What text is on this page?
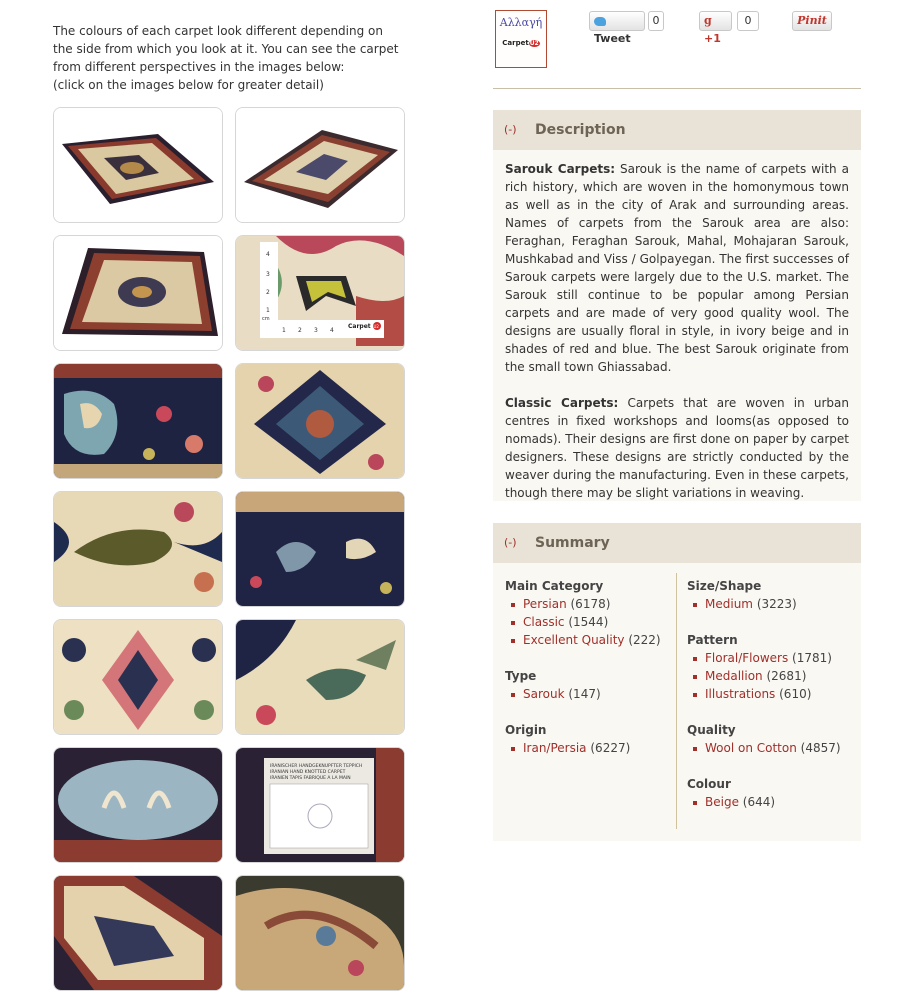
The colours of each carpet look different depending on the side from which you look at it. You can see the carpet from different perspectives in the images below:

(click on the images below for greater detail)

4
3
2
1
cm
1 2 3 4
Carpet U2
IRANISCHER HANDGEKNUPFTER TEPPICH
IRANIAN HAND KNOTTED CARPET
IRANIEN TAPIS FABRIQUE A LA MAIN
Αλλαγή
CarpetU2	Tweet
0	g +1
0	Pinit
(-) Description

Sarouk Carpets: Sarouk is the name of carpets with a rich history, which are woven in the homonymous town as well as in the city of Arak and surrounding areas. Names of carpets from the Sarouk area are also: Feraghan, Feraghan Sarouk, Mahal, Mohajaran Sarouk, Mushkabad and Viss / Golpayegan. The first successes of Sarouk carpets were largely due to the U.S. market. The Sarouk still continue to be popular among Persian carpets and are made of very good quality wool. The designs are usually floral in style, in ivory beige and in shades of red and blue. The best Sarouk originate from the small town Ghiassabad.

Classic Carpets: Carpets that are woven in urban centres in fixed workshops and looms(as opposed to nomads). Their designs are first done on paper by carpet designers. These designs are strictly conducted by the weaver during the manufacturing. Even in these carpets, though there may be slight variations in weaving.

(-) Summary
Main Category
Persian (6178)
Classic (1544)
Excellent Quality (222)
Type
Sarouk (147)
Origin
Iran/Persia (6227)
Size/Shape
Medium (3223)
Pattern
Floral/Flowers (1781)
Medallion (2681)
Illustrations (610)
Quality
Wool on Cotton (4857)
Colour
Beige (644)
